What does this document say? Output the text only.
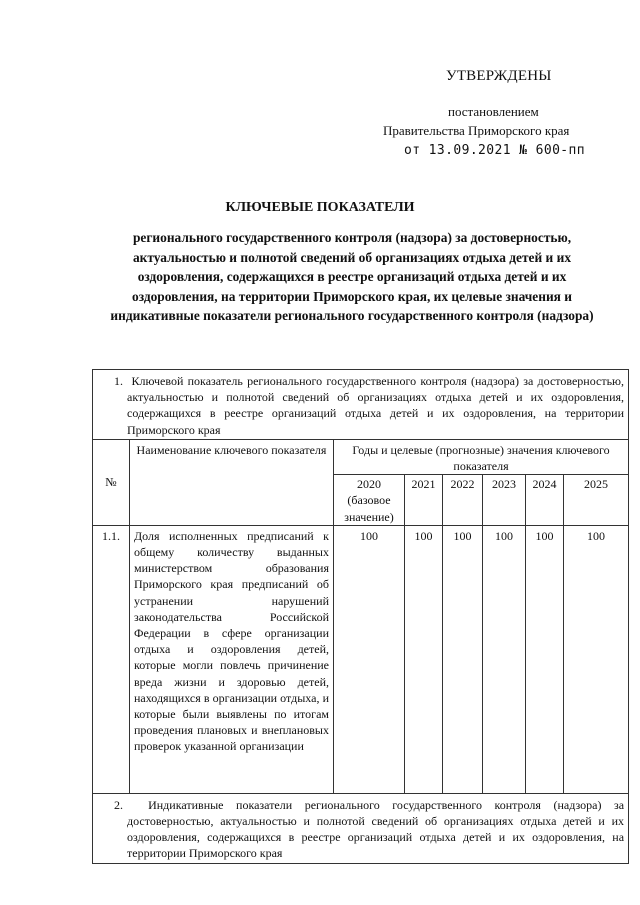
УТВЕРЖДЕНЫ
постановлением
Правительства Приморского края
от 13.09.2021 № 600-пп
КЛЮЧЕВЫЕ ПОКАЗАТЕЛИ
регионального государственного контроля (надзора) за достоверностью, актуальностью и полнотой сведений об организациях отдыха детей и их оздоровления, содержащихся в реестре организаций отдыха детей и их оздоровления, на территории Приморского края, их целевые значения и индикативные показатели регионального государственного контроля (надзора)
1. Ключевой показатель регионального государственного контроля (надзора) за достоверностью, актуальностью и полнотой сведений об организациях отдыха детей и их оздоровления, содержащихся в реестре организаций отдыха детей и их оздоровления, на территории Приморского края							

№	Наименование ключевого показателя	Годы и целевые (прогнозные) значения ключевого показателя					
		2020 (базовое значение)	2021	2022	2023	2024	2025
1.1.	Доля исполненных предписаний к общему количеству выданных министерством образования Приморского края предписаний об устранении нарушений законодательства Российской Федерации в сфере организации отдыха и оздоровления детей, которые могли повлечь причинение вреда жизни и здоровью детей, находящихся в организации отдыха, и которые были выявлены по итогам проведения плановых и внеплановых проверок указанной организации	100	100	100	100	100	100

2. Индикативные показатели регионального государственного контроля (надзора) за достоверностью, актуальностью и полнотой сведений об организациях отдыха детей и их оздоровления, содержащихся в реестре организаций отдыха детей и их оздоровления, на территории Приморского края							
